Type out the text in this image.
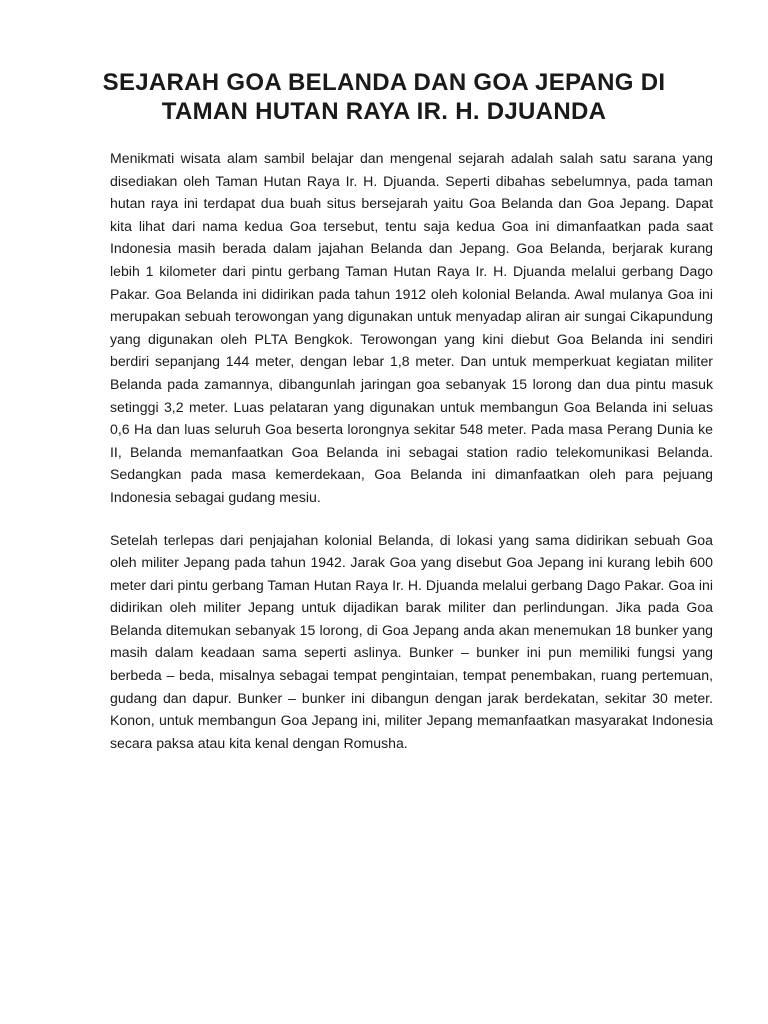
SEJARAH GOA BELANDA DAN GOA JEPANG DI
TAMAN HUTAN RAYA IR. H. DJUANDA

Menikmati wisata alam sambil belajar dan mengenal sejarah adalah salah satu sarana yang disediakan oleh Taman Hutan Raya Ir. H. Djuanda. Seperti dibahas sebelumnya, pada taman hutan raya ini terdapat dua buah situs bersejarah yaitu Goa Belanda dan Goa Jepang. Dapat kita lihat dari nama kedua Goa tersebut, tentu saja kedua Goa ini dimanfaatkan pada saat Indonesia masih berada dalam jajahan Belanda dan Jepang. Goa Belanda, berjarak kurang lebih 1 kilometer dari pintu gerbang Taman Hutan Raya Ir. H. Djuanda melalui gerbang Dago Pakar. Goa Belanda ini didirikan pada tahun 1912 oleh kolonial Belanda. Awal mulanya Goa ini merupakan sebuah terowongan yang digunakan untuk menyadap aliran air sungai Cikapundung yang digunakan oleh PLTA Bengkok. Terowongan yang kini diebut Goa Belanda ini sendiri berdiri sepanjang 144 meter, dengan lebar 1,8 meter. Dan untuk memperkuat kegiatan militer Belanda pada zamannya, dibangunlah jaringan goa sebanyak 15 lorong dan dua pintu masuk setinggi 3,2 meter. Luas pelataran yang digunakan untuk membangun Goa Belanda ini seluas 0,6 Ha dan luas seluruh Goa beserta lorongnya sekitar 548 meter. Pada masa Perang Dunia ke II, Belanda memanfaatkan Goa Belanda ini sebagai station radio telekomunikasi Belanda. Sedangkan pada masa kemerdekaan, Goa Belanda ini dimanfaatkan oleh para pejuang Indonesia sebagai gudang mesiu.

Setelah terlepas dari penjajahan kolonial Belanda, di lokasi yang sama didirikan sebuah Goa oleh militer Jepang pada tahun 1942. Jarak Goa yang disebut Goa Jepang ini kurang lebih 600 meter dari pintu gerbang Taman Hutan Raya Ir. H. Djuanda melalui gerbang Dago Pakar. Goa ini didirikan oleh militer Jepang untuk dijadikan barak militer dan perlindungan. Jika pada Goa Belanda ditemukan sebanyak 15 lorong, di Goa Jepang anda akan menemukan 18 bunker yang masih dalam keadaan sama seperti aslinya. Bunker – bunker ini pun memiliki fungsi yang berbeda – beda, misalnya sebagai tempat pengintaian, tempat penembakan, ruang pertemuan, gudang dan dapur. Bunker – bunker ini dibangun dengan jarak berdekatan, sekitar 30 meter. Konon, untuk membangun Goa Jepang ini, militer Jepang memanfaatkan masyarakat Indonesia secara paksa atau kita kenal dengan Romusha.
